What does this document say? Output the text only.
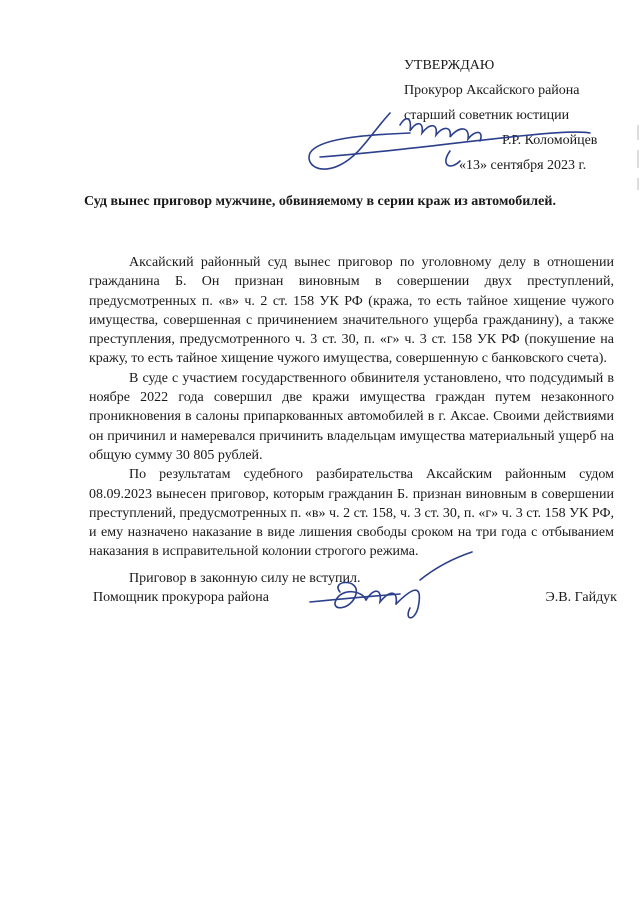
УТВЕРЖДАЮ
Прокурор Аксайского района
старший советник юстиции
Р.Р. Коломойцев
«13» сентября 2023 г.
Суд вынес приговор мужчине, обвиняемому в серии краж из автомобилей.

Аксайский районный суд вынес приговор по уголовному делу в отношении гражданина Б. Он признан виновным в совершении двух преступлений, предусмотренных п. «в» ч. 2 ст. 158 УК РФ (кража, то есть тайное хищение чужого имущества, совершенная с причинением значительного ущерба гражданину), а также преступления, предусмотренного ч. 3 ст. 30, п. «г» ч. 3 ст. 158 УК РФ (покушение на кражу, то есть тайное хищение чужого имущества, совершенную с банковского счета).

В суде с участием государственного обвинителя установлено, что подсудимый в ноябре 2022 года совершил две кражи имущества граждан путем незаконного проникновения в салоны припаркованных автомобилей в г. Аксае. Своими действиями он причинил и намеревался причинить владельцам имущества материальный ущерб на общую сумму 30 805 рублей.

По результатам судебного разбирательства Аксайским районным судом 08.09.2023 вынесен приговор, которым гражданин Б. признан виновным в совершении преступлений, предусмотренных п. «в» ч. 2 ст. 158, ч. 3 ст. 30, п. «г» ч. 3 ст. 158 УК РФ, и ему назначено наказание в виде лишения свободы сроком на три года с отбыванием наказания в исправительной колонии строгого режима.

Приговор в законную силу не вступил.

Помощник прокурора района	Э.В. Гайдук
